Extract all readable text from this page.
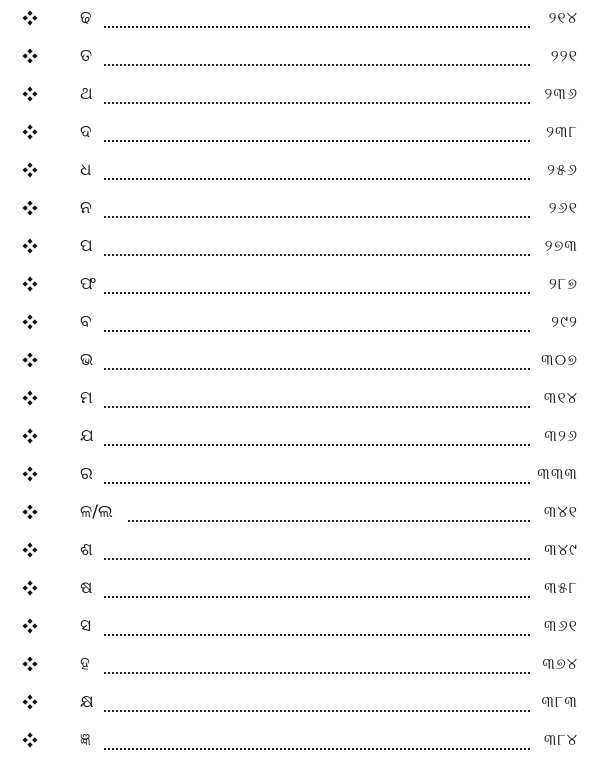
ଢ	୨୧୪
ତ	୨୨୧
ଥ	୨୩୬
ଦ	୨୩୮
ଧ	୨୫୬
ନ	୨୬୧
ପ	୨୭୩
ଫ	୨୮୭
ବ	୨୯୨
ଭ	୩୦୭
ମ	୩୧୪
ଯ	୩୨୬
ର	୩୩୩
ଳ/ଲ	୩୪୧
ଶ	୩୪୯
ଷ	୩୫୮
ସ	୩୬୧
ହ	୩୭୪
କ୍ଷ	୩୮୩
ଜ୍ଞ	୩୮୪
